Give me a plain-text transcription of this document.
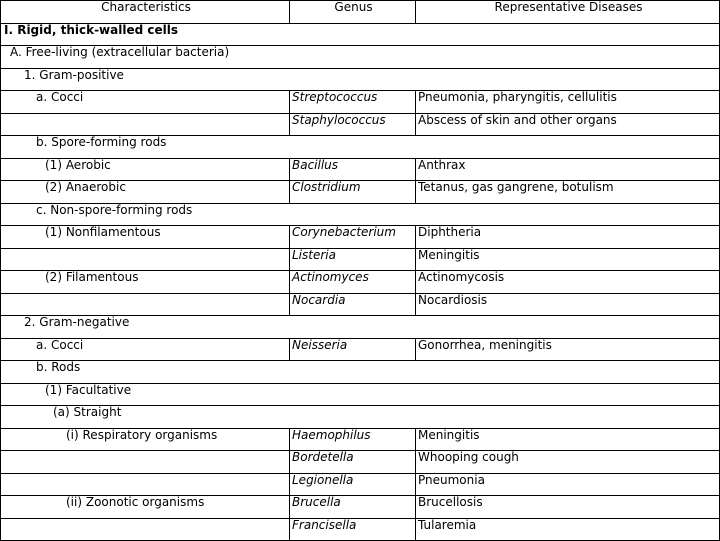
Characteristics	Genus	Representative Diseases
I. Rigid, thick-walled cells		
A. Free-living (extracellular bacteria)		
1. Gram-positive		
a. Cocci	Streptococcus	Pneumonia, pharyngitis, cellulitis
	Staphylococcus	Abscess of skin and other organs
b. Spore-forming rods		
(1) Aerobic	Bacillus	Anthrax
(2) Anaerobic	Clostridium	Tetanus, gas gangrene, botulism
c. Non-spore-forming rods		
(1) Nonfilamentous	Corynebacterium	Diphtheria
	Listeria	Meningitis
(2) Filamentous	Actinomyces	Actinomycosis
	Nocardia	Nocardiosis
2. Gram-negative		
a. Cocci	Neisseria	Gonorrhea, meningitis
b. Rods		
(1) Facultative		
(a) Straight		
(i) Respiratory organisms	Haemophilus	Meningitis
	Bordetella	Whooping cough
	Legionella	Pneumonia
(ii) Zoonotic organisms	Brucella	Brucellosis
	Francisella	Tularemia
